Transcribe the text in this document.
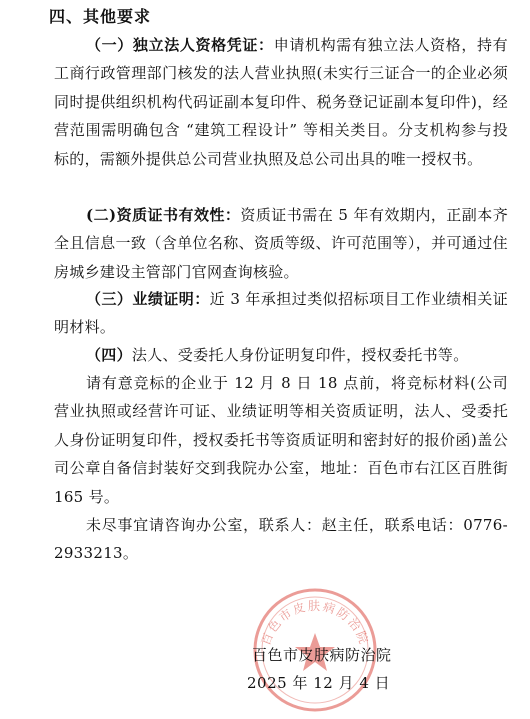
四、其他要求
（一）独立法人资格凭证：申请机构需有独立法人资格，持有工商行政管理部门核发的法人营业执照(未实行三证合一的企业必须同时提供组织机构代码证副本复印件、税务登记证副本复印件)，经营范围需明确包含 “建筑工程设计” 等相关类目。分支机构参与投标的，需额外提供总公司营业执照及总公司出具的唯一授权书。
(二)资质证书有效性：资质证书需在 5 年有效期内，正副本齐全且信息一致（含单位名称、资质等级、许可范围等），并可通过住房城乡建设主管部门官网查询核验。
（三）业绩证明：近 3 年承担过类似招标项目工作业绩相关证明材料。
（四）法人、受委托人身份证明复印件，授权委托书等。
请有意竞标的企业于 12 月 8 日 18 点前，将竞标材料(公司营业执照或经营许可证、业绩证明等相关资质证明，法人、受委托人身份证明复印件，授权委托书等资质证明和密封好的报价函)盖公司公章自备信封装好交到我院办公室，地址：百色市右江区百胜街 165 号。
未尽事宜请咨询办公室，联系人：赵主任，联系电话：0776-2933213。
百色市皮肤病防治院
百色市皮肤病防治院
2025 年 12 月 4 日
